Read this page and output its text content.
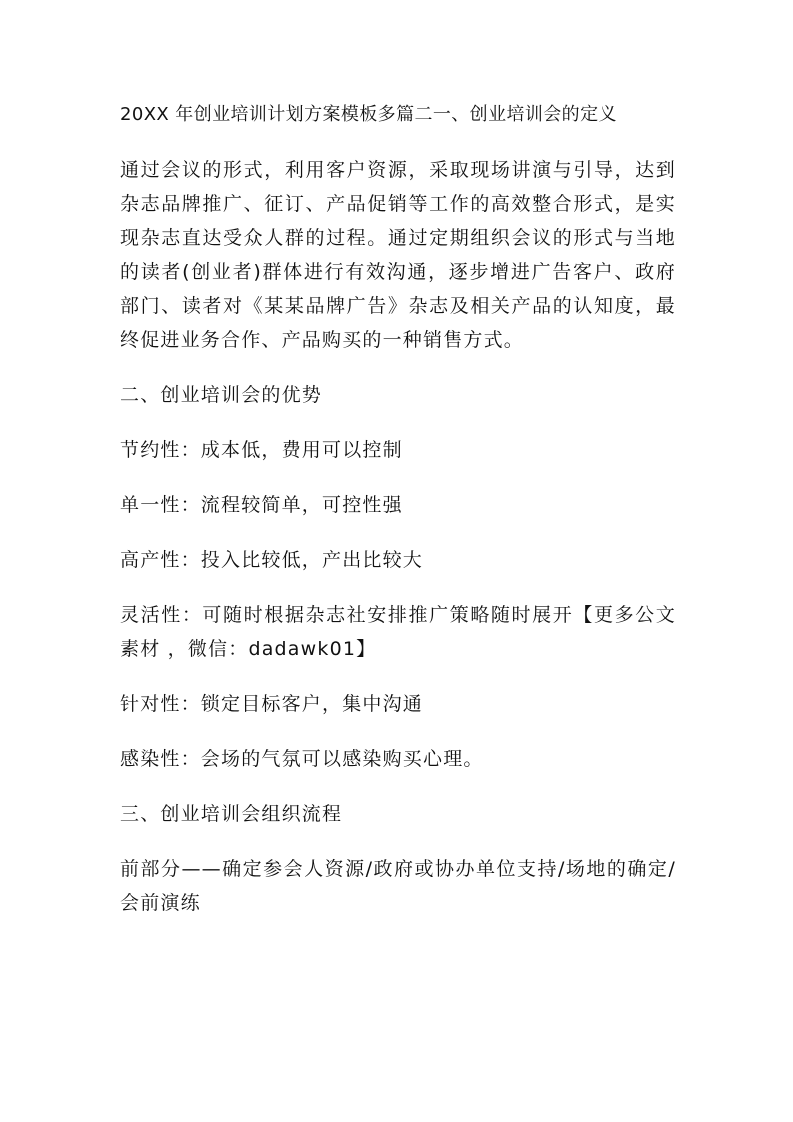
20XX 年创业培训计划方案模板多篇二一、创业培训会的定义

通过会议的形式，利用客户资源，采取现场讲演与引导，达到杂志品牌推广、征订、产品促销等工作的高效整合形式，是实现杂志直达受众人群的过程。通过定期组织会议的形式与当地的读者(创业者)群体进行有效沟通，逐步增进广告客户、政府部门、读者对《某某品牌广告》杂志及相关产品的认知度，最终促进业务合作、产品购买的一种销售方式。

二、创业培训会的优势

节约性：成本低，费用可以控制

单一性：流程较简单，可控性强

高产性：投入比较低，产出比较大

灵活性：可随时根据杂志社安排推广策略随时展开【更多公文素材 ，微信：dadawk01】

针对性：锁定目标客户，集中沟通

感染性：会场的气氛可以感染购买心理。

三、创业培训会组织流程

前部分——确定参会人资源/政府或协办单位支持/场地的确定/会前演练
